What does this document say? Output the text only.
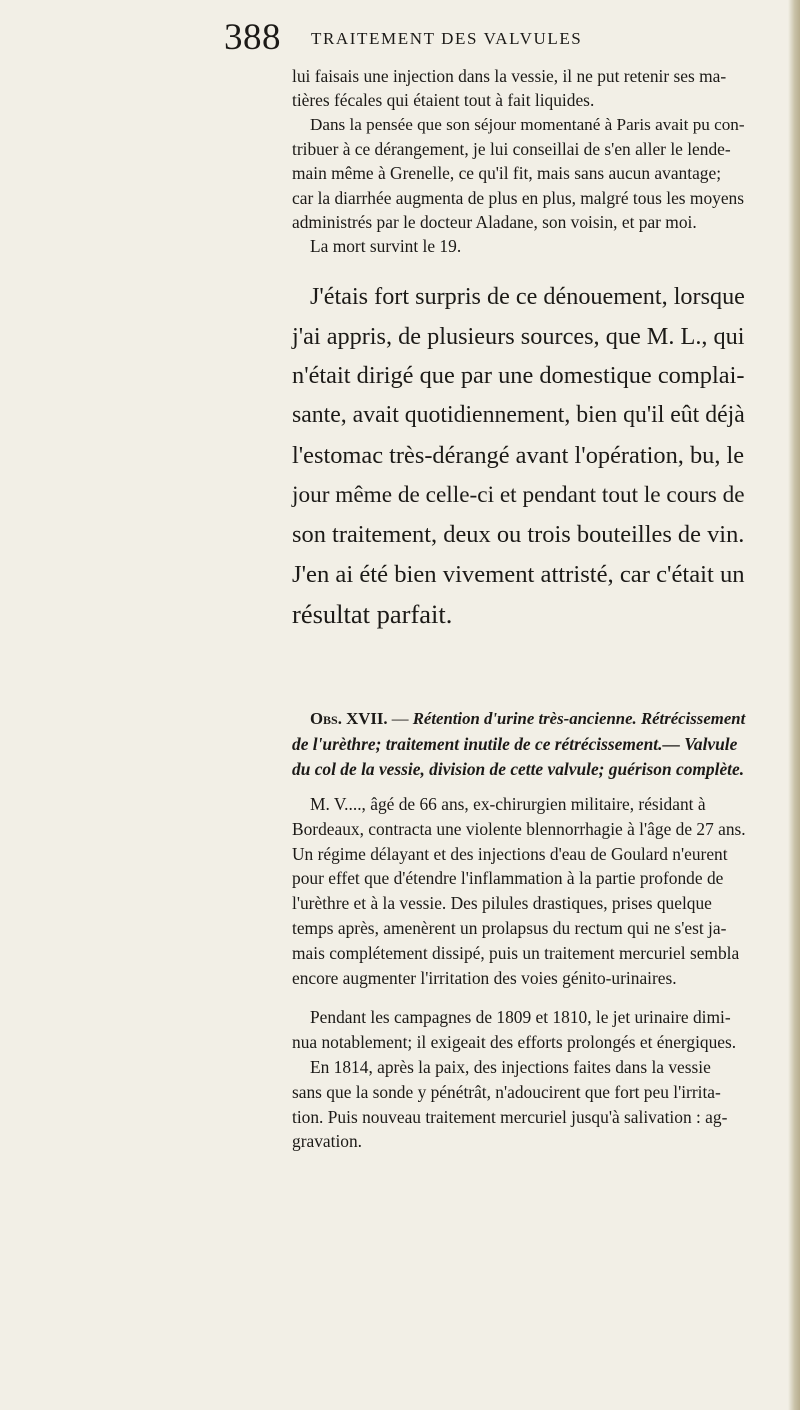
388 TRAITEMENT DES VALVULES
lui faisais une injection dans la vessie, il ne put retenir ses ma-
tières fécales qui étaient tout à fait liquides.
Dans la pensée que son séjour momentané à Paris avait pu con-
tribuer à ce dérangement, je lui conseillai de s'en aller le lende-
main même à Grenelle, ce qu'il fit, mais sans aucun avantage;
car la diarrhée augmenta de plus en plus, malgré tous les moyens
administrés par le docteur Aladane, son voisin, et par moi.
La mort survint le 19.
J'étais fort surpris de ce dénouement, lorsque
j'ai appris, de plusieurs sources, que M. L., qui
n'était dirigé que par une domestique complai-
sante, avait quotidiennement, bien qu'il eût déjà
l'estomac très-dérangé avant l'opération, bu, le
jour même de celle-ci et pendant tout le cours de
son traitement, deux ou trois bouteilles de vin.
J'en ai été bien vivement attristé, car c'était un
résultat parfait.
Obs. XVII. — Rétention d'urine très-ancienne. Rétrécissement
de l'urèthre; traitement inutile de ce rétrécissement.— Valvule
du col de la vessie, division de cette valvule; guérison complète.
M. V...., âgé de 66 ans, ex-chirurgien militaire, résidant à
Bordeaux, contracta une violente blennorrhagie à l'âge de 27 ans.
Un régime délayant et des injections d'eau de Goulard n'eurent
pour effet que d'étendre l'inflammation à la partie profonde de
l'urèthre et à la vessie. Des pilules drastiques, prises quelque
temps après, amenèrent un prolapsus du rectum qui ne s'est ja-
mais complétement dissipé, puis un traitement mercuriel sembla
encore augmenter l'irritation des voies génito-urinaires.
Pendant les campagnes de 1809 et 1810, le jet urinaire dimi-
nua notablement; il exigeait des efforts prolongés et énergiques.
En 1814, après la paix, des injections faites dans la vessie
sans que la sonde y pénétrât, n'adoucirent que fort peu l'irrita-
tion. Puis nouveau traitement mercuriel jusqu'à salivation : ag-
gravation.
